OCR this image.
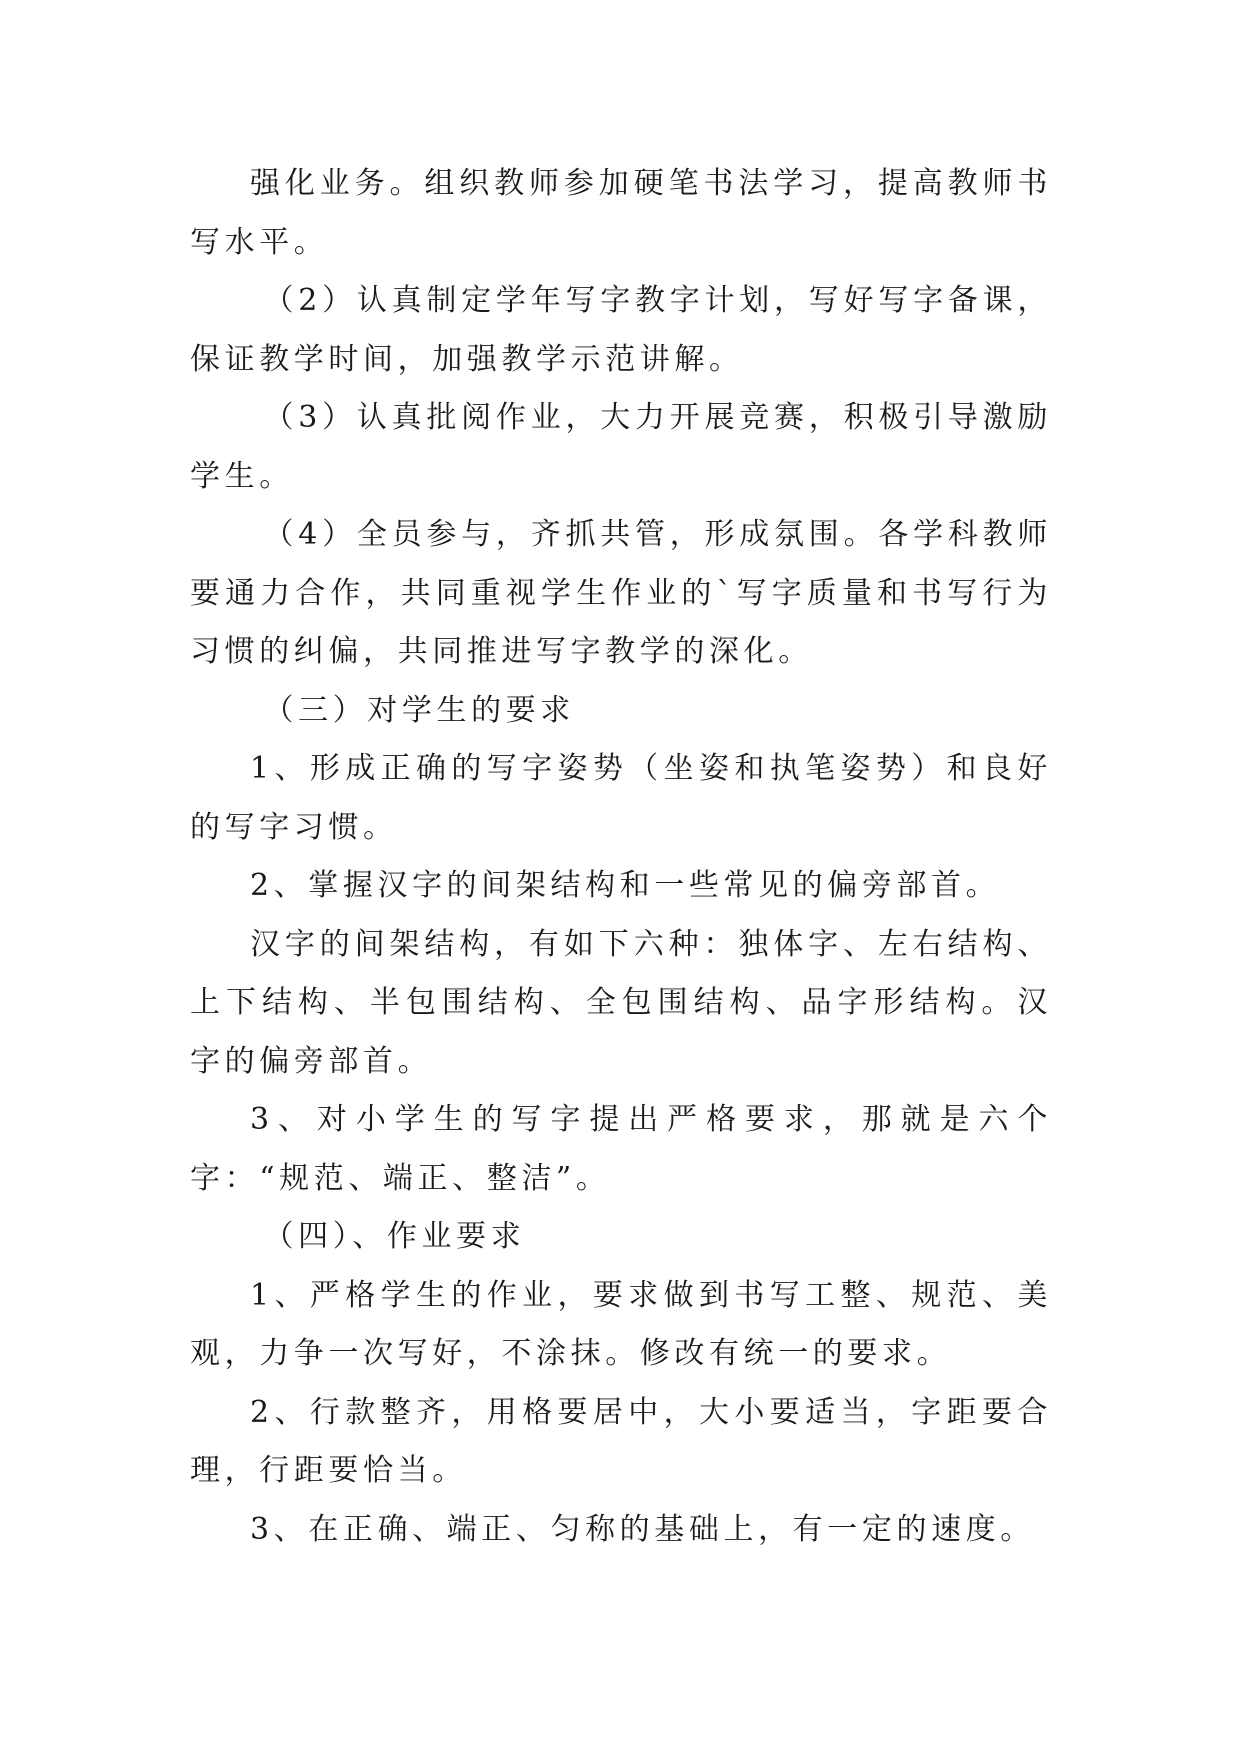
强化业务。组织教师参加硬笔书法学习，提高教师书写水平。

（2）认真制定学年写字教字计划，写好写字备课，保证教学时间，加强教学示范讲解。

（3）认真批阅作业，大力开展竞赛，积极引导激励学生。

（4）全员参与，齐抓共管，形成氛围。各学科教师要通力合作，共同重视学生作业的`写字质量和书写行为习惯的纠偏，共同推进写字教学的深化。

（三）对学生的要求

1、形成正确的写字姿势（坐姿和执笔姿势）和良好的写字习惯。

2、掌握汉字的间架结构和一些常见的偏旁部首。

汉字的间架结构，有如下六种：独体字、左右结构、上下结构、半包围结构、全包围结构、品字形结构。汉字的偏旁部首。

3、对小学生的写字提出严格要求，那就是六个字：“规范、端正、整洁”。

（四）、作业要求

1、严格学生的作业，要求做到书写工整、规范、美观，力争一次写好，不涂抹。修改有统一的要求。

2、行款整齐，用格要居中，大小要适当，字距要合理，行距要恰当。

3、在正确、端正、匀称的基础上，有一定的速度。
